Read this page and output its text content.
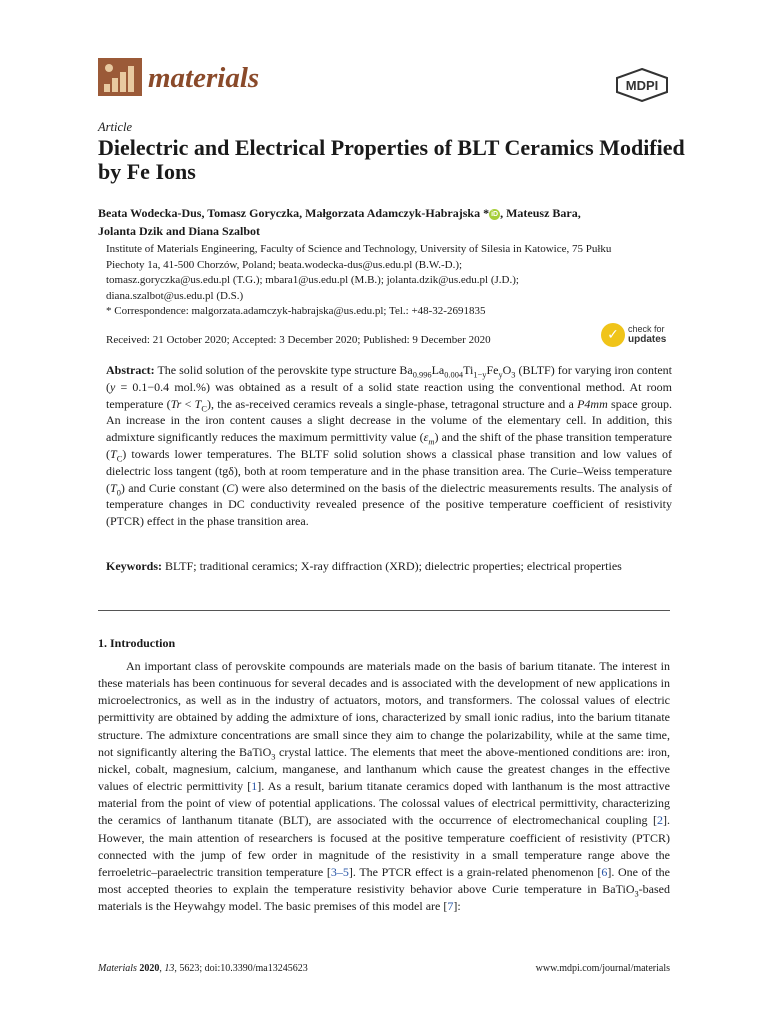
materials	MDPI
Article
Dielectric and Electrical Properties of BLT Ceramics Modified by Fe Ions
Beata Wodecka-Dus, Tomasz Goryczka, Małgorzata Adamczyk-Habrajska * iD , Mateusz Bara,
Jolanta Dzik and Diana Szalbot
Institute of Materials Engineering, Faculty of Science and Technology, University of Silesia in Katowice, 75 Pułku
Piechoty 1a, 41-500 Chorzów, Poland; beata.wodecka-dus@us.edu.pl (B.W.-D.);
tomasz.goryczka@us.edu.pl (T.G.); mbara1@us.edu.pl (M.B.); jolanta.dzik@us.edu.pl (J.D.);
diana.szalbot@us.edu.pl (D.S.)
* Correspondence: malgorzata.adamczyk-habrajska@us.edu.pl; Tel.: +48-32-2691835
Received: 21 October 2020; Accepted: 3 December 2020; Published: 9 December 2020	✓	check for
updates
Abstract: The solid solution of the perovskite type structure $Ba_{0.996}La_{0.004}Ti_{1-y}Fe_yO_3$ (BLTF) for varying iron content (y = 0.1−0.4 mol.%) was obtained as a result of a solid state reaction using the conventional method. At room temperature $(Tr < T_C)$, the as-received ceramics reveals a single-phase, tetragonal structure and a P4mm space group. An increase in the iron content causes a slight decrease in the volume of the elementary cell. In addition, this admixture significantly reduces the maximum permittivity value $(\varepsilon_m)$ and the shift of the phase transition temperature $(T_C)$ towards lower temperatures. The BLTF solid solution shows a classical phase transition and low values of dielectric loss tangent (tgδ), both at room temperature and in the phase transition area. The Curie–Weiss temperature $(T_0)$ and Curie constant (C) were also determined on the basis of the dielectric measurements results. The analysis of temperature changes in DC conductivity revealed presence of the positive temperature coefficient of resistivity (PTCR) effect in the phase transition area.
Keywords: BLTF; traditional ceramics; X-ray diffraction (XRD); dielectric properties; electrical properties
1. Introduction
An important class of perovskite compounds are materials made on the basis of barium titanate. The interest in these materials has been continuous for several decades and is associated with the development of new applications in microelectronics, as well as in the industry of actuators, motors, and transformers. The colossal values of electric permittivity are obtained by adding the admixture of ions, characterized by small ionic radius, into the barium titanate structure. The admixture concentrations are small since they aim to change the polarizability, while at the same time, not significantly altering the BaTiO$_3$ crystal lattice. The elements that meet the above-mentioned conditions are: iron, nickel, cobalt, magnesium, calcium, manganese, and lanthanum which cause the greatest changes in the effective values of electric permittivity [1]. As a result, barium titanate ceramics doped with lanthanum is the most attractive material from the point of view of potential applications. The colossal values of electrical permittivity, characterizing the ceramics of lanthanum titanate (BLT), are associated with the occurrence of electromechanical coupling [2]. However, the main attention of researchers is focused at the positive temperature coefficient of resistivity (PTCR) connected with the jump of few order in magnitude of the resistivity in a small temperature range above the ferroeletric–paraelectric transition temperature [3–5]. The PTCR effect is a grain-related phenomenon [6]. One of the most accepted theories to explain the temperature resistivity behavior above Curie temperature in BaTiO$_3$-based materials is the Heywahgy model. The basic premises of this model are [7]:
Materials 2020, 13, 5623; doi:10.3390/ma13245623	www.mdpi.com/journal/materials
